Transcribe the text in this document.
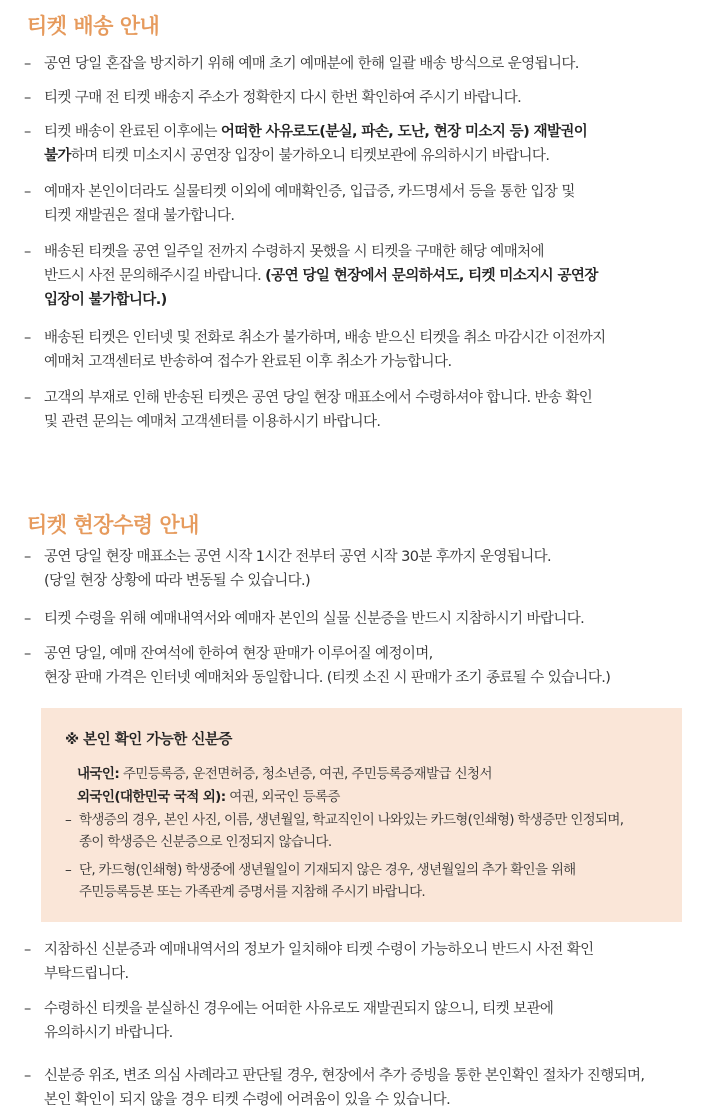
티켓 배송 안내
– 공연 당일 혼잡을 방지하기 위해 예매 초기 예매분에 한해 일괄 배송 방식으로 운영됩니다.
– 티켓 구매 전 티켓 배송지 주소가 정확한지 다시 한번 확인하여 주시기 바랍니다.
– 티켓 배송이 완료된 이후에는 어떠한 사유로도(분실, 파손, 도난, 현장 미소지 등) 재발권이
불가하며 티켓 미소지시 공연장 입장이 불가하오니 티켓보관에 유의하시기 바랍니다.
– 예매자 본인이더라도 실물티켓 이외에 예매확인증, 입급증, 카드명세서 등을 통한 입장 및
티켓 재발권은 절대 불가합니다.
– 배송된 티켓을 공연 일주일 전까지 수령하지 못했을 시 티켓을 구매한 해당 예매처에
반드시 사전 문의해주시길 바랍니다. (공연 당일 현장에서 문의하셔도, 티켓 미소지시 공연장
입장이 불가합니다.)
– 배송된 티켓은 인터넷 및 전화로 취소가 불가하며, 배송 받으신 티켓을 취소 마감시간 이전까지
예매처 고객센터로 반송하여 접수가 완료된 이후 취소가 가능합니다.
– 고객의 부재로 인해 반송된 티켓은 공연 당일 현장 매표소에서 수령하셔야 합니다. 반송 확인
및 관련 문의는 예매처 고객센터를 이용하시기 바랍니다.
티켓 현장수령 안내
– 공연 당일 현장 매표소는 공연 시작 1시간 전부터 공연 시작 30분 후까지 운영됩니다.
(당일 현장 상황에 따라 변동될 수 있습니다.)
– 티켓 수령을 위해 예매내역서와 예매자 본인의 실물 신분증을 반드시 지참하시기 바랍니다.
– 공연 당일, 예매 잔여석에 한하여 현장 판매가 이루어질 예정이며,
현장 판매 가격은 인터넷 예매처와 동일합니다. (티켓 소진 시 판매가 조기 종료될 수 있습니다.)
※ 본인 확인 가능한 신분증
내국인: 주민등록증, 운전면허증, 청소년증, 여권, 주민등록증재발급 신청서
외국인(대한민국 국적 외): 여권, 외국인 등록증
– 학생증의 경우, 본인 사진, 이름, 생년월일, 학교직인이 나와있는 카드형(인쇄형) 학생증만 인정되며,
종이 학생증은 신분증으로 인정되지 않습니다.
– 단, 카드형(인쇄형) 학생중에 생년월일이 기재되지 않은 경우, 생년월일의 추가 확인을 위해
주민등록등본 또는 가족관계 증명서를 지참해 주시기 바랍니다.
– 지참하신 신분증과 예매내역서의 정보가 일치해야 티켓 수령이 가능하오니 반드시 사전 확인
부탁드립니다.
– 수령하신 티켓을 분실하신 경우에는 어떠한 사유로도 재발권되지 않으니, 티켓 보관에
유의하시기 바랍니다.
– 신분증 위조, 변조 의심 사례라고 판단될 경우, 현장에서 추가 증빙을 통한 본인확인 절차가 진행되며,
본인 확인이 되지 않을 경우 티켓 수령에 어려움이 있을 수 있습니다.
